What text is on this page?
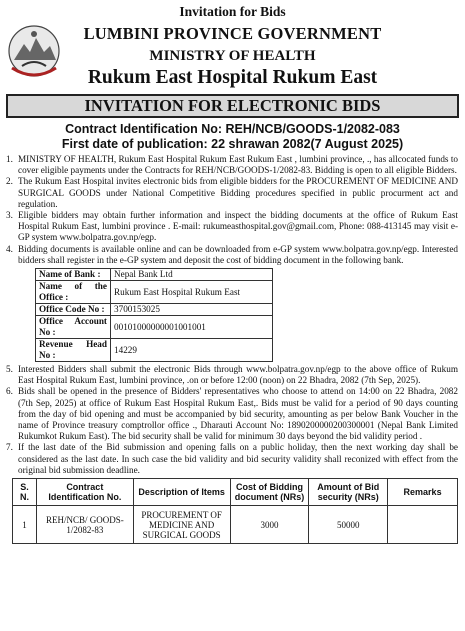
Invitation for Bids
LUMBINI PROVINCE GOVERNMENT
MINISTRY OF HEALTH
Rukum East Hospital Rukum East
INVITATION FOR ELECTRONIC BIDS
Contract Identification No: REH/NCB/GOODS-1/2082-083
First date of publication: 22 shrawan 2082(7 August 2025)
1. MINISTRY OF HEALTH, Rukum East Hospital Rukum East Rukum East , lumbini province, ., has allcocated funds to cover eligible payments under the Contracts for REH/NCB/GOODS-1/2082-83. Bidding is open to all eligible Bidders.
2. The Rukum East Hospital invites electronic bids from eligible bidders for the PROCUREMENT OF MEDICINE AND SURGICAL GOODS under National Competitive Bidding procedures specified in public procurment act and regulation.
3. Eligible bidders may obtain further information and inspect the bidding documents at the office of Rukum East Hospital Rukum East, lumbini province . E-mail: rukumeasthospital.gov@gmail.com, Phone: 088-413145 may visit e-GP system www.bolpatra.gov.np/egp.
4. Bidding documents is available online and can be downloaded from e-GP system www.bolpatra.gov.np/egp. Interested bidders shall register in the e-GP system and deposit the cost of bidding document in the following bank.
Name of Bank :	Nepal Bank Ltd
Name of the Office :	Rukum East Hospital Rukum East
Office Code No :	3700153025
Office Account No :	00101000000001001001
Revenue Head No :	14229
5. Interested Bidders shall submit the electronic Bids through www.bolpatra.gov.np/egp to the above office of Rukum East Hospital Rukum East, lumbini province, .on or before 12:00 (noon) on 22 Bhadra, 2082 (7th Sep, 2025).
6. Bids shall be opened in the presence of Bidders' representatives who choose to attend on 14:00 on 22 Bhadra, 2082 (7th Sep, 2025) at office of Rukum East Hospital Rukum East,. Bids must be valid for a period of 90 days counting from the day of bid opening and must be accompanied by bid security, amounting as per below Bank Voucher in the name of Province treasury comptrollor office ., Dharauti Account No: 1890200000200300001 (Nepal Bank Limited Rukumkot Rukum East). The bid security shall be valid for minimum 30 days beyond the bid validity period .
7. If the last date of the Bid submission and opening falls on a public holiday, then the next working day shall be considered as the last date. In such case the bid validity and bid security validity shall reconized with effect from the original bid submission deadline.
S. N.	Contract Identification No.	Description of Items	Cost of Bidding document (NRs)	Amount of Bid security (NRs)	Remarks
1	REH/NCB/ GOODS-1/2082-83	PROCUREMENT OF MEDICINE AND SURGICAL GOODS	3000	50000	
